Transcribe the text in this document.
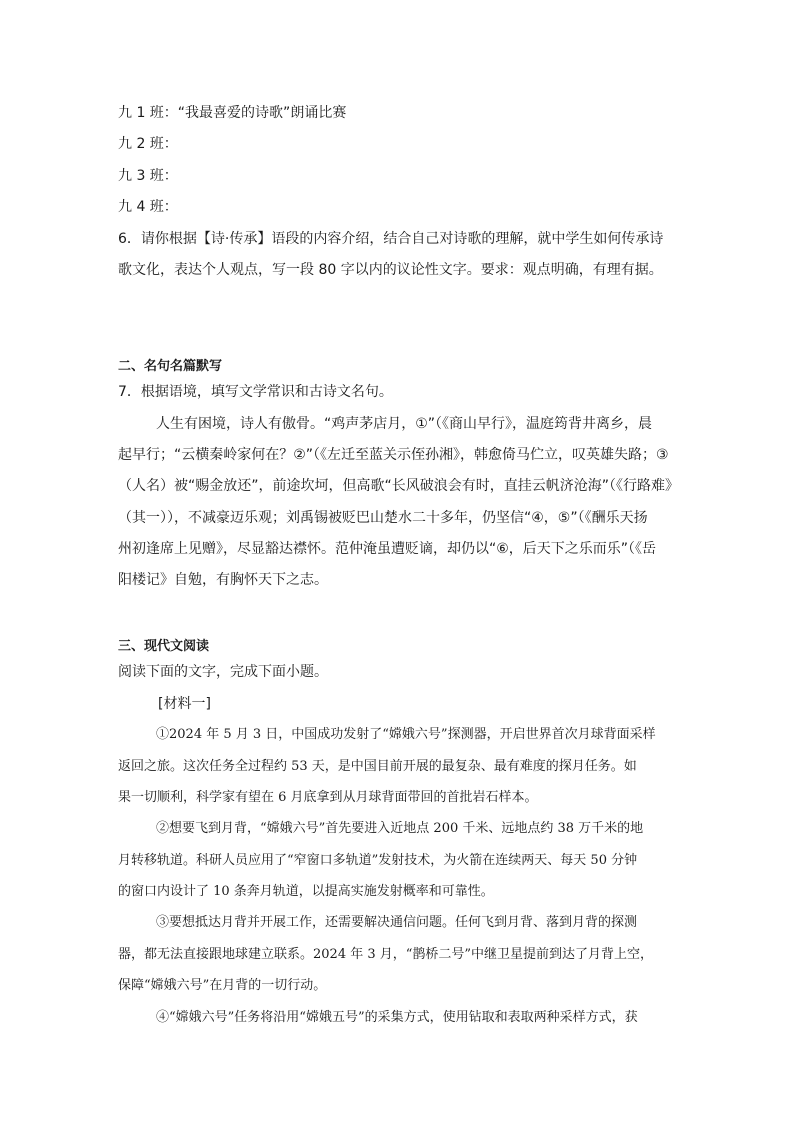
九 1 班：“我最喜爱的诗歌”朗诵比赛
九 2 班：
九 3 班：
九 4 班：
6．请你根据【诗·传承】语段的内容介绍，结合自己对诗歌的理解，就中学生如何传承诗
歌文化，表达个人观点，写一段 80 字以内的议论性文字。要求：观点明确，有理有据。
二、名句名篇默写
7．根据语境，填写文学常识和古诗文名句。
人生有困境，诗人有傲骨。“鸡声茅店月，①”（《商山早行》，温庭筠背井离乡，晨
起早行；“云横秦岭家何在？②”（《左迁至蓝关示侄孙湘》，韩愈倚马伫立，叹英雄失路；③
（人名）被“赐金放还”，前途坎坷，但高歌“长风破浪会有时，直挂云帆济沧海”（《行路难》
（其一）），不减豪迈乐观；刘禹锡被贬巴山楚水二十多年，仍坚信“④，⑤”（《酬乐天扬
州初逢席上见赠》，尽显豁达襟怀。范仲淹虽遭贬谪，却仍以“⑥，后天下之乐而乐”（《岳
阳楼记》自勉，有胸怀天下之志。
三、现代文阅读
阅读下面的文字，完成下面小题。
[材料一]
①2024 年 5 月 3 日，中国成功发射了“嫦娥六号”探测器，开启世界首次月球背面采样
返回之旅。这次任务全过程约 53 天，是中国目前开展的最复杂、最有难度的探月任务。如
果一切顺利，科学家有望在 6 月底拿到从月球背面带回的首批岩石样本。
②想要飞到月背，“嫦娥六号”首先要进入近地点 200 千米、远地点约 38 万千米的地
月转移轨道。科研人员应用了“窄窗口多轨道”发射技术，为火箭在连续两天、每天 50 分钟
的窗口内设计了 10 条奔月轨道，以提高实施发射概率和可靠性。
③要想抵达月背并开展工作，还需要解决通信问题。任何飞到月背、落到月背的探测
器，都无法直接跟地球建立联系。2024 年 3 月，“鹊桥二号”中继卫星提前到达了月背上空，
保障“嫦娥六号”在月背的一切行动。
④“嫦娥六号”任务将沿用“嫦娥五号”的采集方式，使用钻取和表取两种采样方式，获
